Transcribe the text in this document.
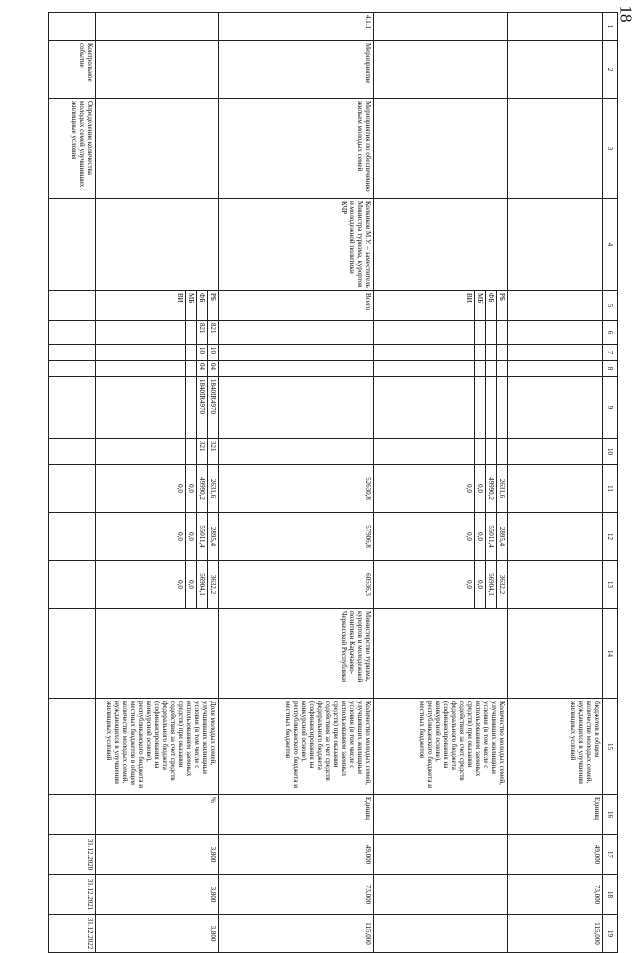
18
1	2	3	4	5	6	7	8	9	10	11	12	13	14	15	16	17	18	19
														бюджетов в общем количестве молодых семей, нуждающихся в улучшении жилищных условий	Единиц	49,000	73,000	115,000
				РБ						2631,6	2895,4	3632,2		Количество молодых семей, улучшивших жилищные условия (в том числе с использованием заемных средств) при оказании содействия за счет средств федерального бюджета (софинансирования на конкурсной основе), республиканского бюджета и местных бюджетов				
				ФБ						49990,2	55011,4	56904,1						
				МБ						0,0	0,0	0,0						
				ВИ						0,0	0,0	0,0						
4.1.1	Мероприятие	Мероприятия по обеспечению жильем молодых семей	Колкиков М.У. – заместитель Министра туризма, курортов и молодежной политики КЧР	Всего						52630,8	57906,8	60536,3	Министерство туризма, курортов и молодежной политики Карачаево-Черкесской Республики	Количество молодых семей, улучшивших жилищные условия (в том числе с использованием заемных средств) при оказании содействия за счет средств федерального бюджета (софинансирования на конкурсной основе), республиканского бюджета и местных бюджетов	Единиц	49,000	73,000	115,000
				РБ	821	10	04	1840IR4970	321	2631,6	2895,4	3632,2		Доля молодых семей, улучшивших жилищные условия (в том числе с использованием заемных средств) при оказании содействия за счет средств федерального бюджета (софинансирования на конкурсной основе), республиканского бюджета и местных бюджетов в общем количестве молодых семей, нуждающихся в улучшении жилищных условий	%	3,800	3,800	3,800
				ФБ	821	10	04	1840IR4970	321	49990,2	55011,4	56904,1						
				МБ						0,0	0,0	0,0						
				ВИ						0,0	0,0	0,0						
	Контрольное событие	Определение количества молодых семей улучшивших жилищные условия														31.12.2020	31.12.2021	31.12.2022
